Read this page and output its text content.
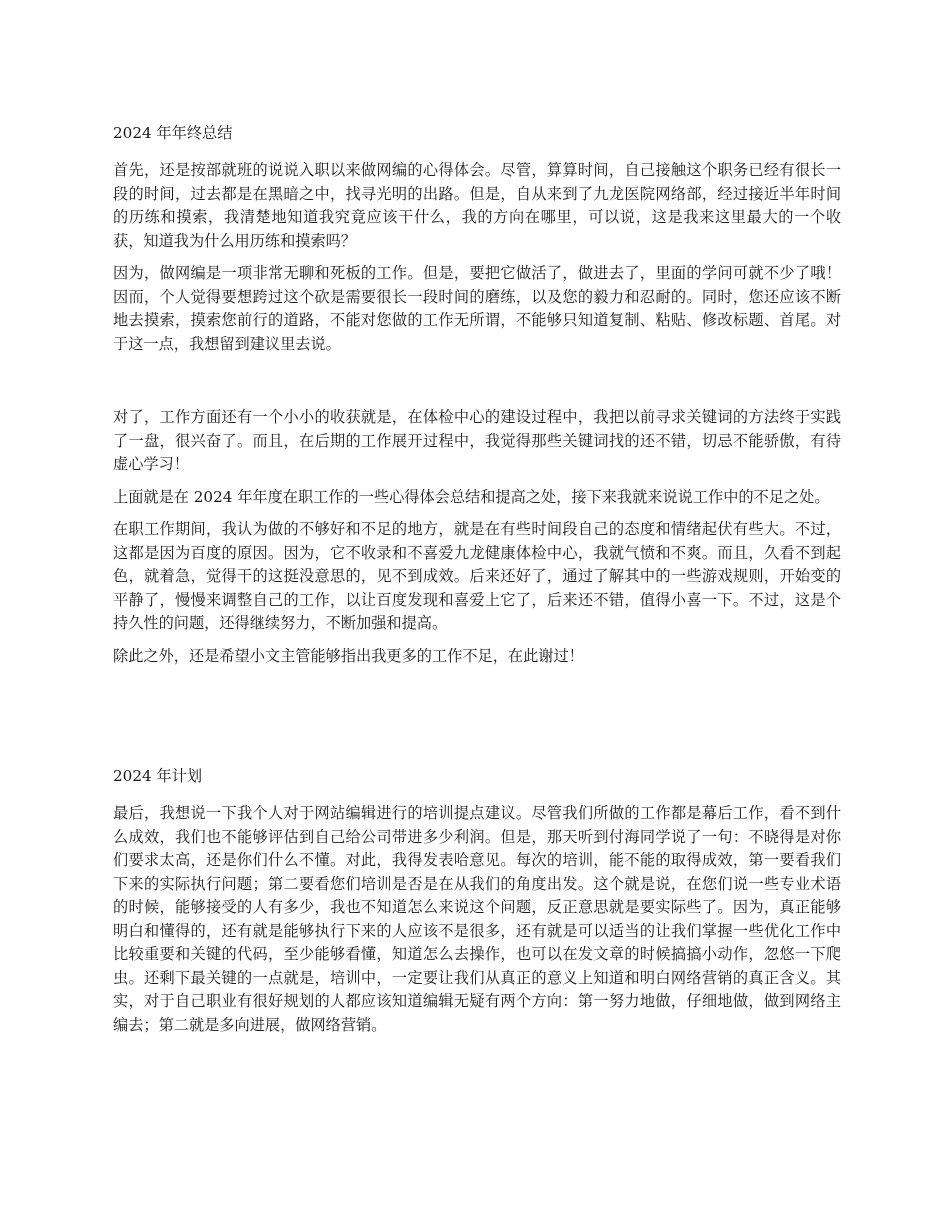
2024 年年终总结

首先，还是按部就班的说说入职以来做网编的心得体会。尽管，算算时间，自己接触这个职务已经有很长一段的时间，过去都是在黑暗之中，找寻光明的出路。但是，自从来到了九龙医院网络部，经过接近半年时间的历练和摸索，我清楚地知道我究竟应该干什么，我的方向在哪里，可以说，这是我来这里最大的一个收获，知道我为什么用历练和摸索吗？

因为，做网编是一项非常无聊和死板的工作。但是，要把它做活了，做进去了，里面的学问可就不少了哦！因而，个人觉得要想跨过这个砍是需要很长一段时间的磨练，以及您的毅力和忍耐的。同时，您还应该不断地去摸索，摸索您前行的道路，不能对您做的工作无所谓，不能够只知道复制、粘贴、修改标题、首尾。对于这一点，我想留到建议里去说。

对了，工作方面还有一个小小的收获就是，在体检中心的建设过程中，我把以前寻求关键词的方法终于实践了一盘，很兴奋了。而且，在后期的工作展开过程中，我觉得那些关键词找的还不错，切忌不能骄傲，有待虚心学习！

上面就是在 2024 年年度在职工作的一些心得体会总结和提高之处，接下来我就来说说工作中的不足之处。

在职工作期间，我认为做的不够好和不足的地方，就是在有些时间段自己的态度和情绪起伏有些大。不过，这都是因为百度的原因。因为，它不收录和不喜爱九龙健康体检中心，我就气愤和不爽。而且，久看不到起色，就着急，觉得干的这挺没意思的，见不到成效。后来还好了，通过了解其中的一些游戏规则，开始变的平静了，慢慢来调整自己的工作，以让百度发现和喜爱上它了，后来还不错，值得小喜一下。不过，这是个持久性的问题，还得继续努力，不断加强和提高。

除此之外，还是希望小文主管能够指出我更多的工作不足，在此谢过！

2024 年计划

最后，我想说一下我个人对于网站编辑进行的培训提点建议。尽管我们所做的工作都是幕后工作，看不到什么成效，我们也不能够评估到自己给公司带进多少利润。但是，那天听到付海同学说了一句：不晓得是对你们要求太高，还是你们什么不懂。对此，我得发表哈意见。每次的培训，能不能的取得成效，第一要看我们下来的实际执行问题；第二要看您们培训是否是在从我们的角度出发。这个就是说，在您们说一些专业术语的时候，能够接受的人有多少，我也不知道怎么来说这个问题，反正意思就是要实际些了。因为，真正能够明白和懂得的，还有就是能够执行下来的人应该不是很多，还有就是可以适当的让我们掌握一些优化工作中比较重要和关键的代码，至少能够看懂，知道怎么去操作，也可以在发文章的时候搞搞小动作，忽悠一下爬虫。还剩下最关键的一点就是，培训中，一定要让我们从真正的意义上知道和明白网络营销的真正含义。其实，对于自己职业有很好规划的人都应该知道编辑无疑有两个方向：第一努力地做，仔细地做，做到网络主编去；第二就是多向进展，做网络营销。
